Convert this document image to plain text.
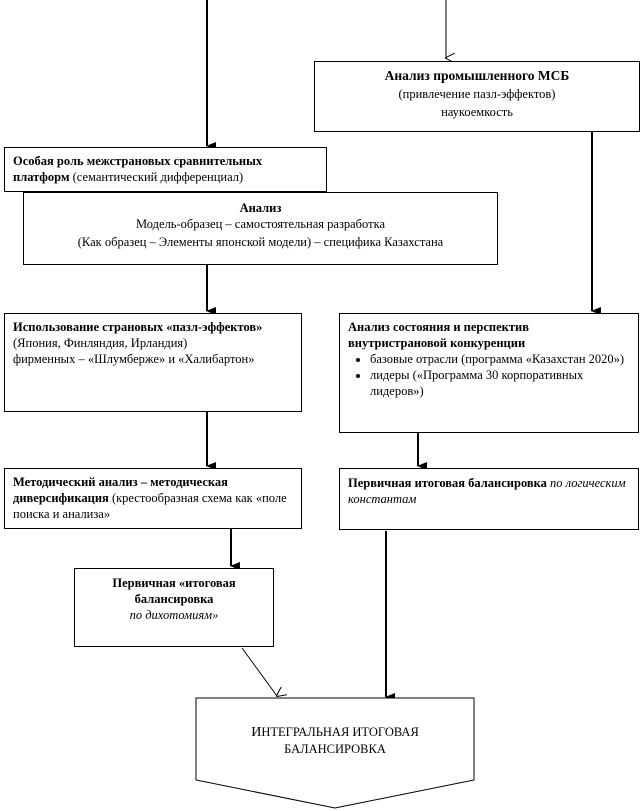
Анализ промышленного МСБ
(привлечение пазл-эффектов)
наукоемкость
Особая роль межстрановых сравнительных платформ (семантический дифференциал)
Анализ
Модель-образец – самостоятельная разработка
(Как образец – Элементы японской модели) – специфика Казахстана
Использование страновых «пазл-эффектов» (Япония, Финляндия, Ирландия)
фирменных – «Шлумберже» и «Халибартон»
Анализ состояния и перспектив внутристрановой конкуренции
• базовые отрасли (программа «Казахстан 2020»)
• лидеры («Программа 30 корпоративных лидеров»)
Методический анализ – методическая диверсификация (крестообразная схема как «поле поиска и анализа»
Первичная итоговая балансировка по логическим константам
Первичная «итоговая балансировка
по дихотомиям»
ИНТЕГРАЛЬНАЯ ИТОГОВАЯ
БАЛАНСИРОВКА
